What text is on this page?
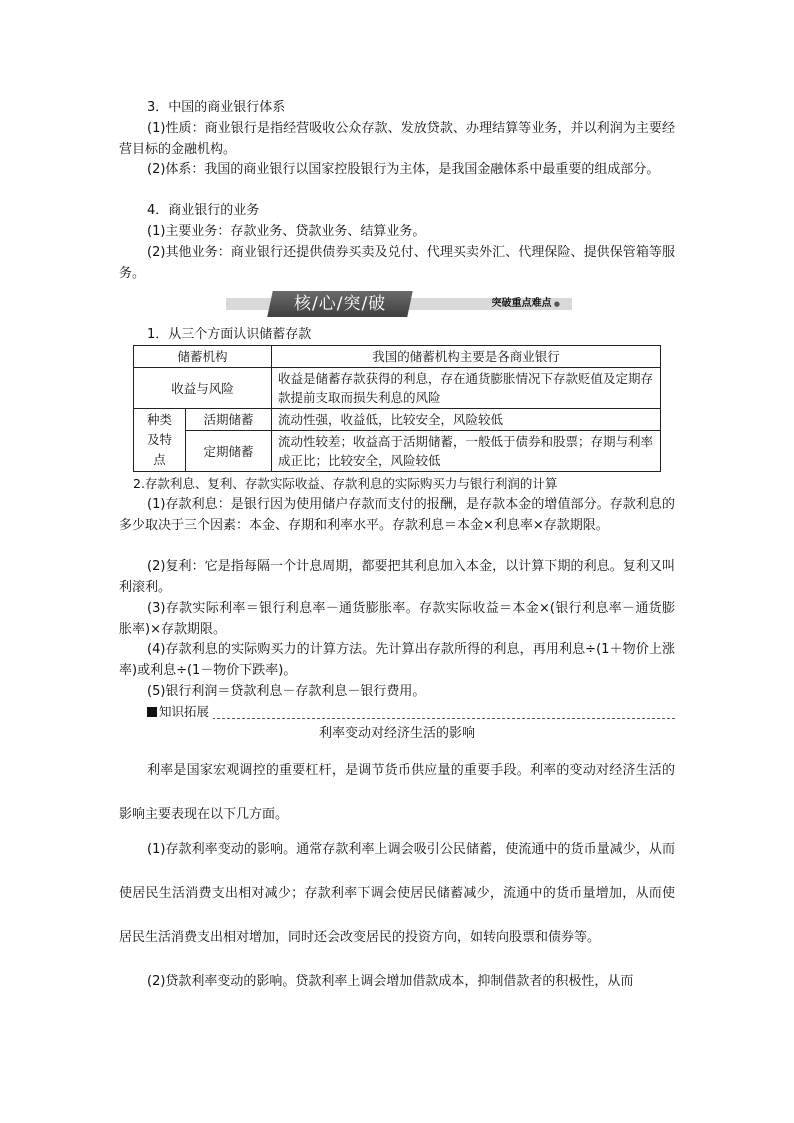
3．中国的商业银行体系

(1)性质：商业银行是指经营吸收公众存款、发放贷款、办理结算等业务，并以利润为主要经营目标的金融机构。

(2)体系：我国的商业银行以国家控股银行为主体，是我国金融体系中最重要的组成部分。

4．商业银行的业务

(1)主要业务：存款业务、贷款业务、结算业务。

(2)其他业务：商业银行还提供债券买卖及兑付、代理买卖外汇、代理保险、提供保管箱等服务。

核/心/突/破	突破重点难点 ●

1．从三个方面认识储蓄存款

储蓄机构		我国的储蓄机构主要是各商业银行
收益与风险		收益是储蓄存款获得的利息，存在通货膨胀情况下存款贬值及定期存款提前支取而损失利息的风险
种类
及特
点	活期储蓄	流动性强，收益低，比较安全，风险较低
	定期储蓄	流动性较差；收益高于活期储蓄，一般低于债券和股票；存期与利率成正比；比较安全，风险较低

2.存款利息、复利、存款实际收益、存款利息的实际购买力与银行利润的计算

(1)存款利息：是银行因为使用储户存款而支付的报酬，是存款本金的增值部分。存款利息的多少取决于三个因素：本金、存期和利率水平。存款利息＝本金×利息率×存款期限。

(2)复利：它是指每隔一个计息周期，都要把其利息加入本金，以计算下期的利息。复利又叫利滚利。

(3)存款实际利率＝银行利息率－通货膨胀率。存款实际收益＝本金×(银行利息率－通货膨胀率)×存款期限。

(4)存款利息的实际购买力的计算方法。先计算出存款所得的利息，再用利息÷(1＋物价上涨率)或利息÷(1－物价下跌率)。

(5)银行利润＝贷款利息－存款利息－银行费用。

知识拓展
利率变动对经济生活的影响

利率是国家宏观调控的重要杠杆，是调节货币供应量的重要手段。利率的变动对经济生活的影响主要表现在以下几方面。

(1)存款利率变动的影响。通常存款利率上调会吸引公民储蓄，使流通中的货币量减少，从而使居民生活消费支出相对减少；存款利率下调会使居民储蓄减少，流通中的货币量增加，从而使居民生活消费支出相对增加，同时还会改变居民的投资方向，如转向股票和债券等。

(2)贷款利率变动的影响。贷款利率上调会增加借款成本，抑制借款者的积极性，从而
